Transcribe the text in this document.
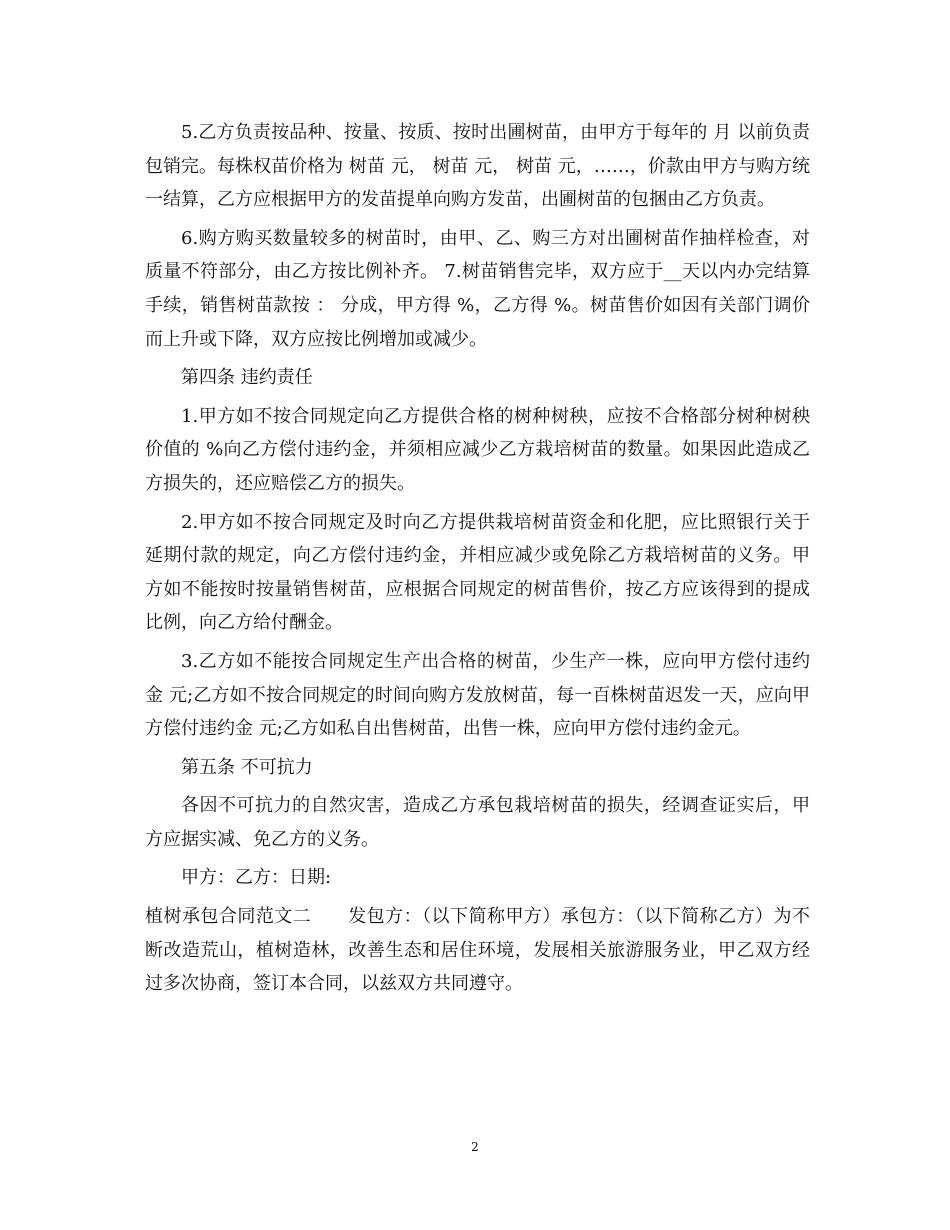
5.乙方负责按品种、按量、按质、按时出圃树苗，由甲方于每年的 月 以前负责包销完。每株权苗价格为 树苗 元， 树苗 元， 树苗 元，……，价款由甲方与购方统一结算，乙方应根据甲方的发苗提单向购方发苗，出圃树苗的包捆由乙方负责。

6.购方购买数量较多的树苗时，由甲、乙、购三方对出圃树苗作抽样检查，对质量不符部分，由乙方按比例补齐。 7.树苗销售完毕，双方应于__天以内办完结算手续，销售树苗款按 ： 分成，甲方得 %，乙方得 %。树苗售价如因有关部门调价而上升或下降，双方应按比例增加或减少。

第四条 违约责任

1.甲方如不按合同规定向乙方提供合格的树种树秧，应按不合格部分树种树秧价值的 %向乙方偿付违约金，并须相应减少乙方栽培树苗的数量。如果因此造成乙方损失的，还应赔偿乙方的损失。

2.甲方如不按合同规定及时向乙方提供栽培树苗资金和化肥，应比照银行关于延期付款的规定，向乙方偿付违约金，并相应减少或免除乙方栽培树苗的义务。甲方如不能按时按量销售树苗，应根据合同规定的树苗售价，按乙方应该得到的提成比例，向乙方给付酬金。

3.乙方如不能按合同规定生产出合格的树苗，少生产一株，应向甲方偿付违约金 元;乙方如不按合同规定的时间向购方发放树苗，每一百株树苗迟发一天，应向甲方偿付违约金 元;乙方如私自出售树苗，出售一株，应向甲方偿付违约金元。

第五条 不可抗力

各因不可抗力的自然灾害，造成乙方承包栽培树苗的损失，经调查证实后，甲方应据实减、免乙方的义务。

甲方：乙方：日期:

植树承包合同范文二　　发包方：（以下简称甲方）承包方：（以下简称乙方）为不断改造荒山，植树造林，改善生态和居住环境，发展相关旅游服务业，甲乙双方经过多次协商，签订本合同，以兹双方共同遵守。

2
